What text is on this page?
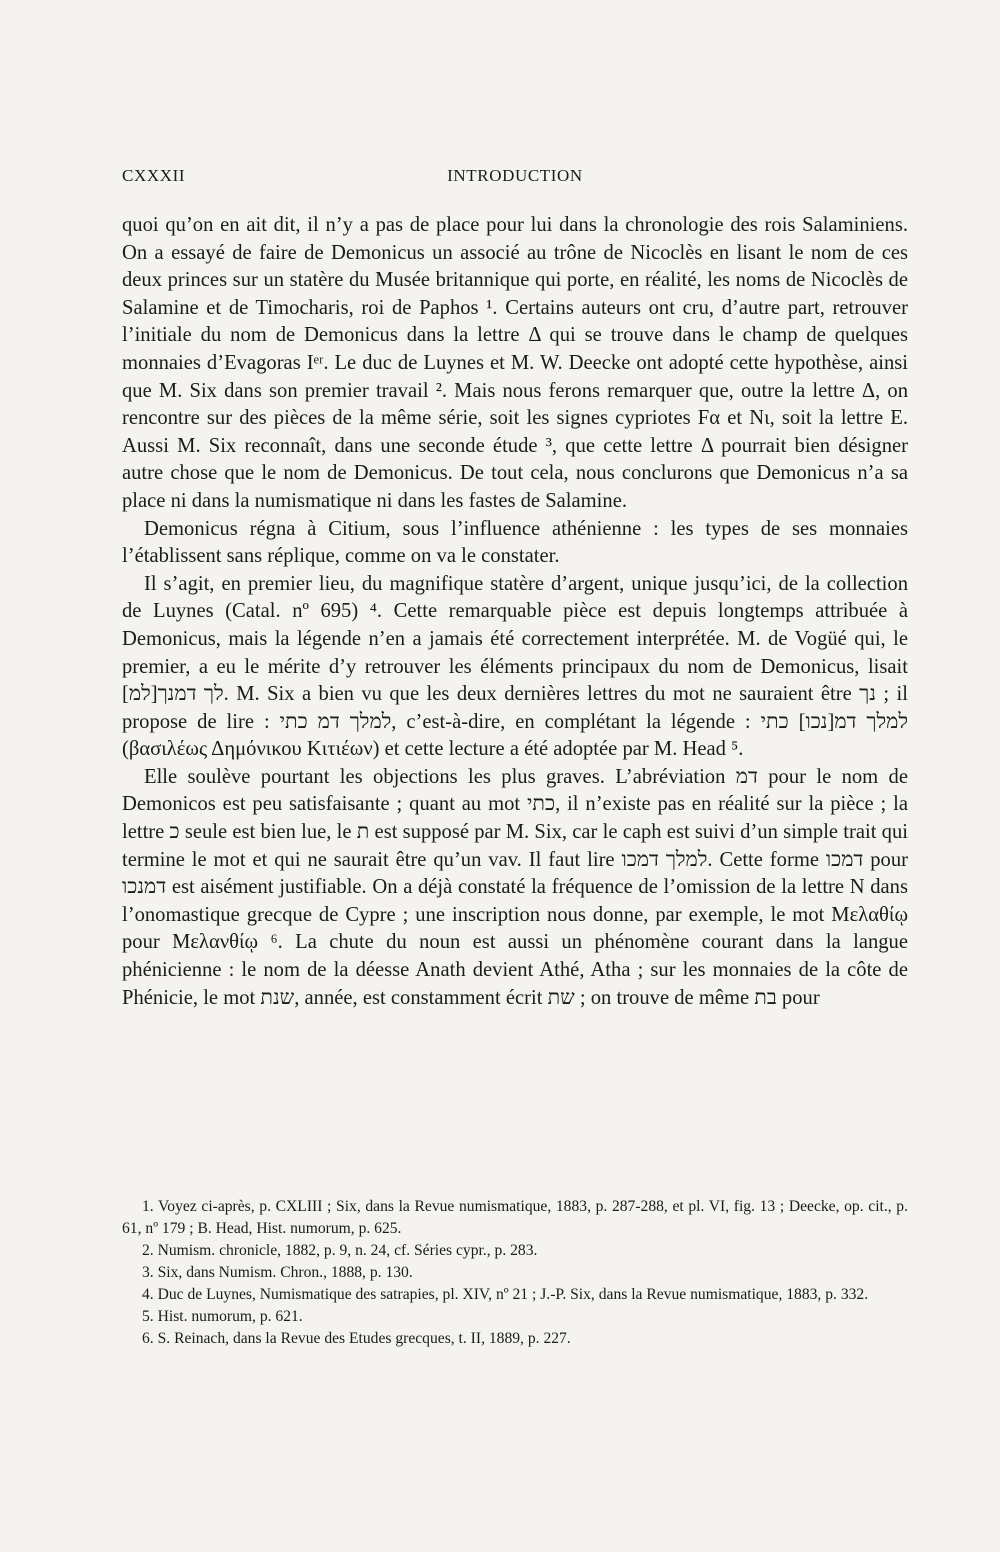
CXXXII	INTRODUCTION

quoi qu’on en ait dit, il n’y a pas de place pour lui dans la chronologie des rois Salaminiens. On a essayé de faire de Demonicus un associé au trône de Nicoclès en lisant le nom de ces deux princes sur un statère du Musée britannique qui porte, en réalité, les noms de Nicoclès de Salamine et de Timocharis, roi de Paphos ¹. Certains auteurs ont cru, d’autre part, retrouver l’initiale du nom de Demonicus dans la lettre Δ qui se trouve dans le champ de quelques monnaies d’Evagoras Iᵉʳ. Le duc de Luynes et M. W. Deecke ont adopté cette hypothèse, ainsi que M. Six dans son premier travail ². Mais nous ferons remarquer que, outre la lettre Δ, on rencontre sur des pièces de la même série, soit les signes cypriotes Fα et Nι, soit la lettre E. Aussi M. Six reconnaît, dans une seconde étude ³, que cette lettre Δ pourrait bien désigner autre chose que le nom de Demonicus. De tout cela, nous conclurons que Demonicus n’a sa place ni dans la numismatique ni dans les fastes de Salamine.

Demonicus régna à Citium, sous l’influence athénienne : les types de ses monnaies l’établissent sans réplique, comme on va le constater.

Il s’agit, en premier lieu, du magnifique statère d’argent, unique jusqu’ici, de la collection de Luynes (Catal. nº 695) ⁴. Cette remarquable pièce est depuis longtemps attribuée à Demonicus, mais la légende n’en a jamais été correctement interprétée. M. de Vogüé qui, le premier, a eu le mérite d’y retrouver les éléments principaux du nom de Demonicus, lisait ‎[למ]לך דמנך‎. M. Six a bien vu que les deux dernières lettres du mot ne sauraient être ‎נך‎ ; il propose de lire : ‎למלך דמ כתי‎, c’est-à-dire, en complétant la légende : ‎למלך דמ[נכו] כתי‎ (βασιλέως Δημόνικου Κιτιέων) et cette lecture a été adoptée par M. Head ⁵.

Elle soulève pourtant les objections les plus graves. L’abréviation ‎דמ‎ pour le nom de Demonicos est peu satisfaisante ; quant au mot ‎כתי‎, il n’existe pas en réalité sur la pièce ; la lettre ‎כ‎ seule est bien lue, le ‎ת‎ est supposé par M. Six, car le caph est suivi d’un simple trait qui termine le mot et qui ne saurait être qu’un vav. Il faut lire ‎למלך דמכו‎. Cette forme ‎דמכו‎ pour ‎דמנכו‎ est aisément justifiable. On a déjà constaté la fréquence de l’omission de la lettre N dans l’onomastique grecque de Cypre ; une inscription nous donne, par exemple, le mot Μελαθίῳ pour Μελανθίῳ ⁶. La chute du noun est aussi un phénomène courant dans la langue phénicienne : le nom de la déesse Anath devient Athé, Atha ; sur les monnaies de la côte de Phénicie, le mot ‎שנת‎, année, est constamment écrit ‎שת‎ ; on trouve de même ‎בת‎ pour

1. Voyez ci-après, p. CXLIII ; Six, dans la Revue numismatique, 1883, p. 287-288, et pl. VI, fig. 13 ; Deecke, op. cit., p. 61, nº 179 ; B. Head, Hist. numorum, p. 625.

2. Numism. chronicle, 1882, p. 9, n. 24, cf. Séries cypr., p. 283.

3. Six, dans Numism. Chron., 1888, p. 130.

4. Duc de Luynes, Numismatique des satrapies, pl. XIV, nº 21 ; J.-P. Six, dans la Revue numismatique, 1883, p. 332.

5. Hist. numorum, p. 621.

6. S. Reinach, dans la Revue des Etudes grecques, t. II, 1889, p. 227.
